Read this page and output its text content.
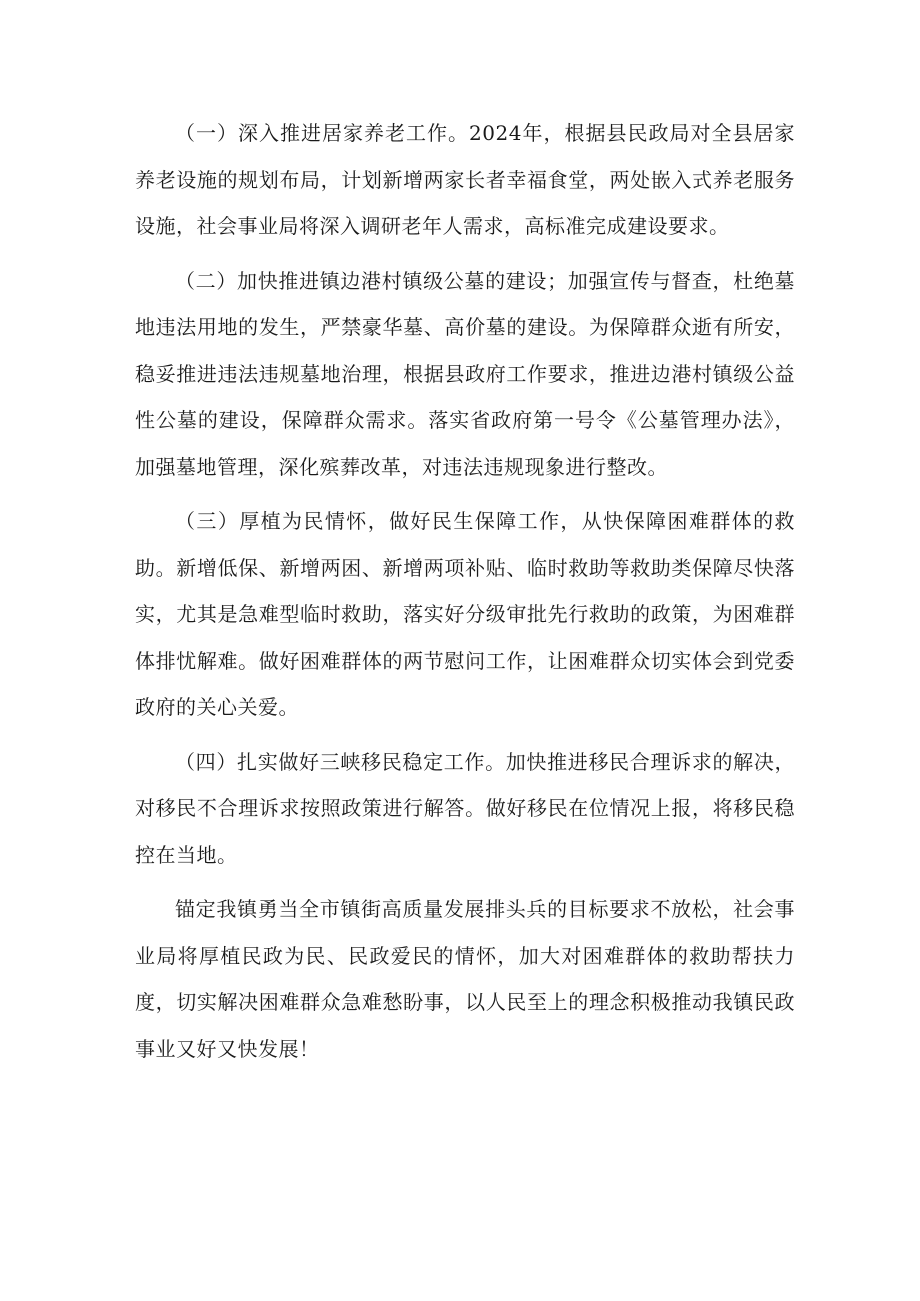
（一）深入推进居家养老工作。2024年，根据县民政局对全县居家养老设施的规划布局，计划新增两家长者幸福食堂，两处嵌入式养老服务设施，社会事业局将深入调研老年人需求，高标准完成建设要求。

（二）加快推进镇边港村镇级公墓的建设；加强宣传与督查，杜绝墓地违法用地的发生，严禁豪华墓、高价墓的建设。为保障群众逝有所安，稳妥推进违法违规墓地治理，根据县政府工作要求，推进边港村镇级公益性公墓的建设，保障群众需求。落实省政府第一号令《公墓管理办法》，加强墓地管理，深化殡葬改革，对违法违规现象进行整改。

（三）厚植为民情怀，做好民生保障工作，从快保障困难群体的救助。新增低保、新增两困、新增两项补贴、临时救助等救助类保障尽快落实，尤其是急难型临时救助，落实好分级审批先行救助的政策，为困难群体排忧解难。做好困难群体的两节慰问工作，让困难群众切实体会到党委政府的关心关爱。

（四）扎实做好三峡移民稳定工作。加快推进移民合理诉求的解决，对移民不合理诉求按照政策进行解答。做好移民在位情况上报，将移民稳控在当地。

锚定我镇勇当全市镇街高质量发展排头兵的目标要求不放松，社会事业局将厚植民政为民、民政爱民的情怀，加大对困难群体的救助帮扶力度，切实解决困难群众急难愁盼事，以人民至上的理念积极推动我镇民政事业又好又快发展！
